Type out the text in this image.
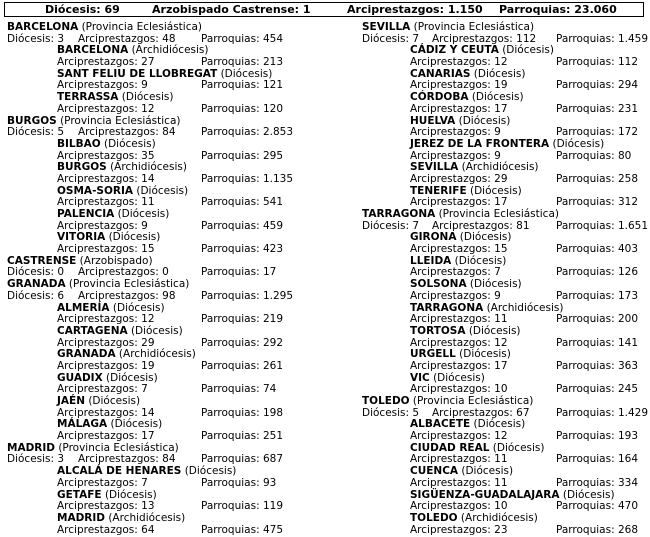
Diócesis: 69	Arzobispado Castrense: 1	Arciprestazgos: 1.150 Parroquias: 23.060
BARCELONA (Provincia Eclesiástica)
Diócesis: 3 Arciprestazgos: 48 Parroquias: 454
BARCELONA (Archidiócesis)
Arciprestazgos: 27	Parroquias: 213
SANT FELIU DE LLOBREGAT (Diócesis)
Arciprestazgos: 9	Parroquias: 121
TERRASSA (Diócesis)
Arciprestazgos: 12	Parroquias: 120
BURGOS (Provincia Eclesiástica)
Diócesis: 5 Arciprestazgos: 84 Parroquias: 2.853
BILBAO (Diócesis)
Arciprestazgos: 35	Parroquias: 295
BURGOS (Archidiócesis)
Arciprestazgos: 14	Parroquias: 1.135
OSMA-SORIA (Diócesis)
Arciprestazgos: 11	Parroquias: 541
PALENCIA (Diócesis)
Arciprestazgos: 9	Parroquias: 459
VITORIA (Diócesis)
Arciprestazgos: 15	Parroquias: 423
CASTRENSE (Arzobispado)
Diócesis: 0 Arciprestazgos: 0	Parroquias: 17
GRANADA (Provincia Eclesiástica)
Diócesis: 6 Arciprestazgos: 98 Parroquias: 1.295
ALMERÍA (Diócesis)
Arciprestazgos: 12	Parroquias: 219
CARTAGENA (Diócesis)
Arciprestazgos: 29	Parroquias: 292
GRANADA (Archidiócesis)
Arciprestazgos: 19	Parroquias: 261
GUADIX (Diócesis)
Arciprestazgos: 7	Parroquias: 74
JAÉN (Diócesis)
Arciprestazgos: 14	Parroquias: 198
MÁLAGA (Diócesis)
Arciprestazgos: 17	Parroquias: 251
MADRID (Provincia Eclesiástica)
Diócesis: 3 Arciprestazgos: 84 Parroquias: 687
ALCALÁ DE HENARES (Diócesis)
Arciprestazgos: 7	Parroquias: 93
GETAFE (Diócesis)
Arciprestazgos: 13	Parroquias: 119
MADRID (Archidiócesis)
Arciprestazgos: 64	Parroquias: 475
SEVILLA (Provincia Eclesiástica)
Diócesis: 7 Arciprestazgos: 112 Parroquias: 1.459
CÁDIZ Y CEUTA (Diócesis)
Arciprestazgos: 12	Parroquias: 112
CANARIAS (Diócesis)
Arciprestazgos: 19	Parroquias: 294
CÓRDOBA (Diócesis)
Arciprestazgos: 17	Parroquias: 231
HUELVA (Diócesis)
Arciprestazgos: 9	Parroquias: 172
JEREZ DE LA FRONTERA (Diócesis)
Arciprestazgos: 9	Parroquias: 80
SEVILLA (Archidiócesis)
Arciprestazgos: 29	Parroquias: 258
TENERIFE (Diócesis)
Arciprestazgos: 17	Parroquias: 312
TARRAGONA (Provincia Eclesiástica)
Diócesis: 7 Arciprestazgos: 81	Parroquias: 1.651
GIRONA (Diócesis)
Arciprestazgos: 15	Parroquias: 403
LLEIDA (Diócesis)
Arciprestazgos: 7	Parroquias: 126
SOLSONA (Diócesis)
Arciprestazgos: 9	Parroquias: 173
TARRAGONA (Archidiócesis)
Arciprestazgos: 11	Parroquias: 200
TORTOSA (Diócesis)
Arciprestazgos: 12	Parroquias: 141
URGELL (Diócesis)
Arciprestazgos: 17	Parroquias: 363
VIC (Diócesis)
Arciprestazgos: 10	Parroquias: 245
TOLEDO (Provincia Eclesiástica)
Diócesis: 5 Arciprestazgos: 67	Parroquias: 1.429
ALBACETE (Diócesis)
Arciprestazgos: 12	Parroquias: 193
CIUDAD REAL (Diócesis)
Arciprestazgos: 11	Parroquias: 164
CUENCA (Diócesis)
Arciprestazgos: 11	Parroquias: 334
SIGÜENZA-GUADALAJARA (Diócesis)
Arciprestazgos: 10	Parroquias: 470
TOLEDO (Archidiócesis)
Arciprestazgos: 23	Parroquias: 268
